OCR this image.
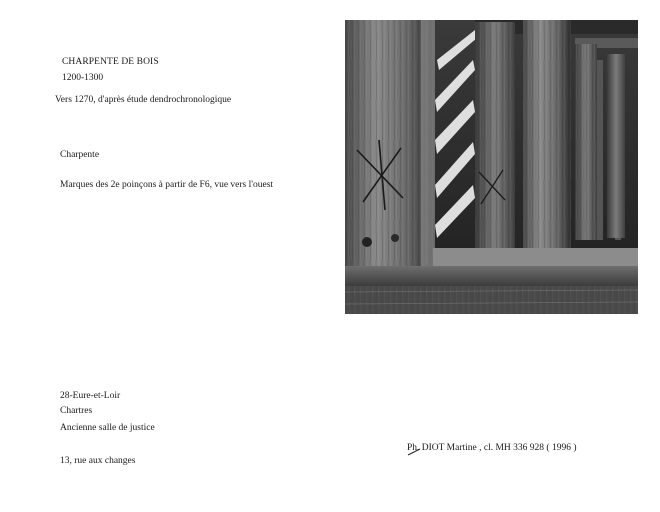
CHARPENTE DE BOIS
1200-1300
Vers 1270, d'après étude dendrochronologique
Charpente
Marques des 2e poinçons à partir de F6, vue vers l'ouest
28-Eure-et-Loir
Chartres
Ancienne salle de justice
13, rue aux changes
Ph. DIOT Martine , cl. MH 336 928 ( 1996 )
